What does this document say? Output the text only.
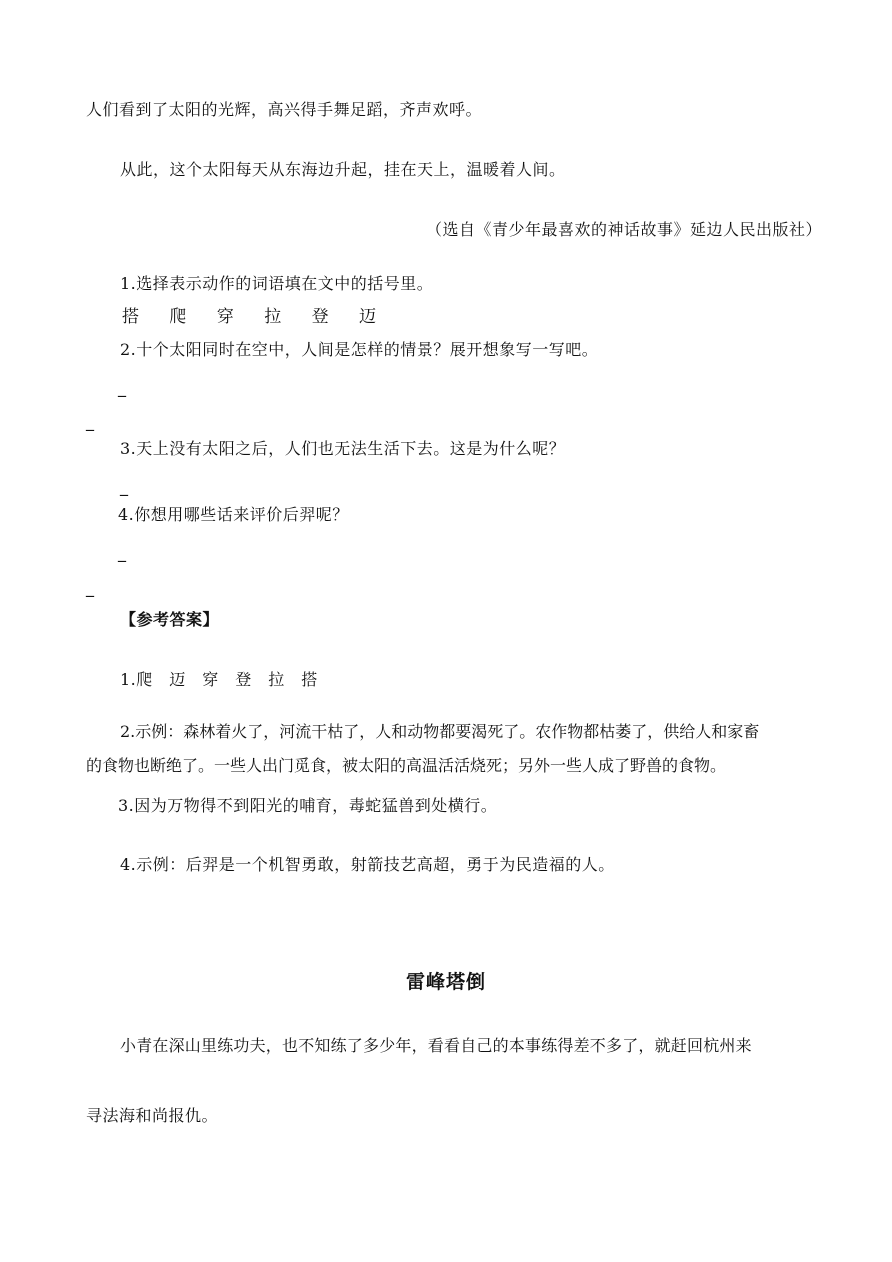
人们看到了太阳的光辉，高兴得手舞足蹈，齐声欢呼。
从此，这个太阳每天从东海边升起，挂在天上，温暖着人间。
（选自《青少年最喜欢的神话故事》延边人民出版社）
1.选择表示动作的词语填在文中的括号里。
搭 爬 穿 拉 登 迈
2.十个太阳同时在空中，人间是怎样的情景？展开想象写一写吧。
_
_
3.天上没有太阳之后，人们也无法生活下去。这是为什么呢？
_
4.你想用哪些话来评价后羿呢？
_
_
【参考答案】
1.爬　迈　穿　登　拉　搭
2.示例：森林着火了，河流干枯了，人和动物都要渴死了。农作物都枯萎了，供给人和家畜
的食物也断绝了。一些人出门觅食，被太阳的高温活活烧死；另外一些人成了野兽的食物。
3.因为万物得不到阳光的哺育，毒蛇猛兽到处横行。
4.示例：后羿是一个机智勇敢，射箭技艺高超，勇于为民造福的人。
雷峰塔倒
小青在深山里练功夫，也不知练了多少年，看看自己的本事练得差不多了，就赶回杭州来
寻法海和尚报仇。
